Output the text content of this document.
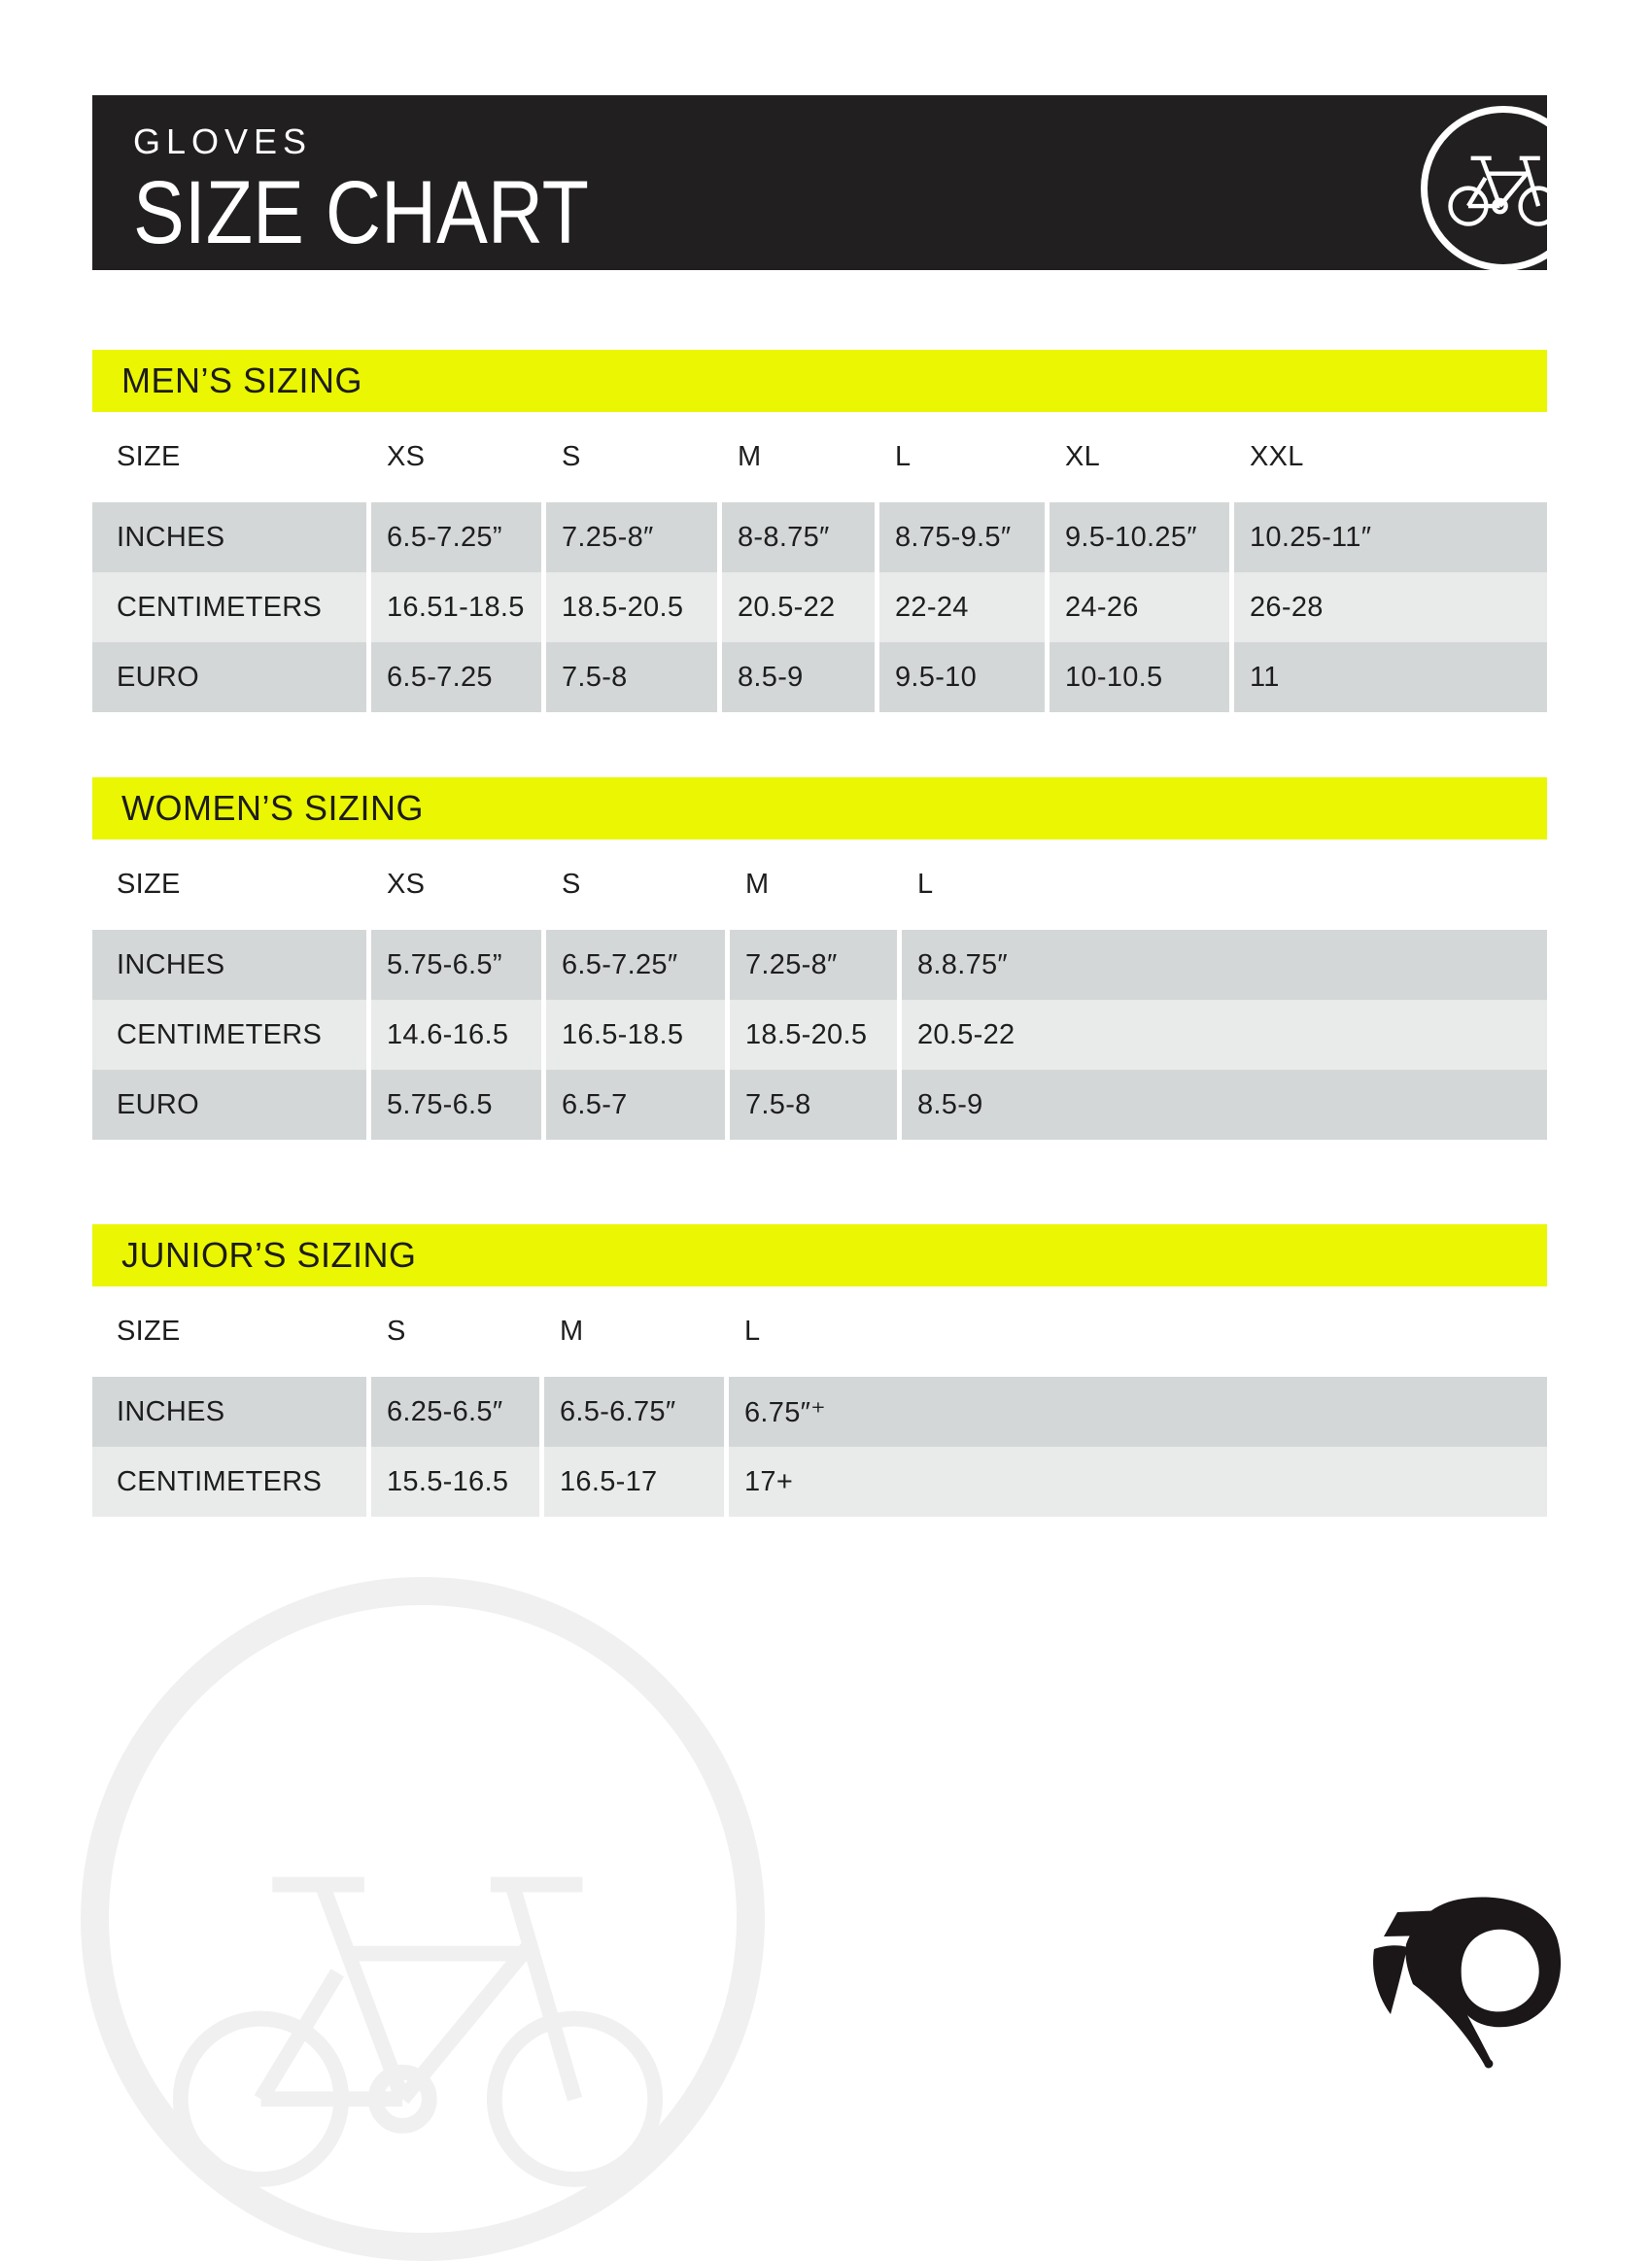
GLOVES
SIZE CHART
MEN’S SIZING
SIZE	XS	S	M	L	XL	XXL
INCHES	6.5-7.25”	7.25-8″	8-8.75″	8.75-9.5″	9.5-10.25″	10.25-11″
CENTIMETERS	16.51-18.5	18.5-20.5	20.5-22	22-24	24-26	26-28
EURO	6.5-7.25	7.5-8	8.5-9	9.5-10	10-10.5	11
WOMEN’S SIZING
SIZE	XS	S	M	L
INCHES	5.75-6.5”	6.5-7.25″	7.25-8″	8.8.75″
CENTIMETERS	14.6-16.5	16.5-18.5	18.5-20.5	20.5-22
EURO	5.75-6.5	6.5-7	7.5-8	8.5-9
JUNIOR’S SIZING
SIZE	S	M	L
INCHES	6.25-6.5″	6.5-6.75″	6.75″⁺
CENTIMETERS	15.5-16.5	16.5-17	17+
